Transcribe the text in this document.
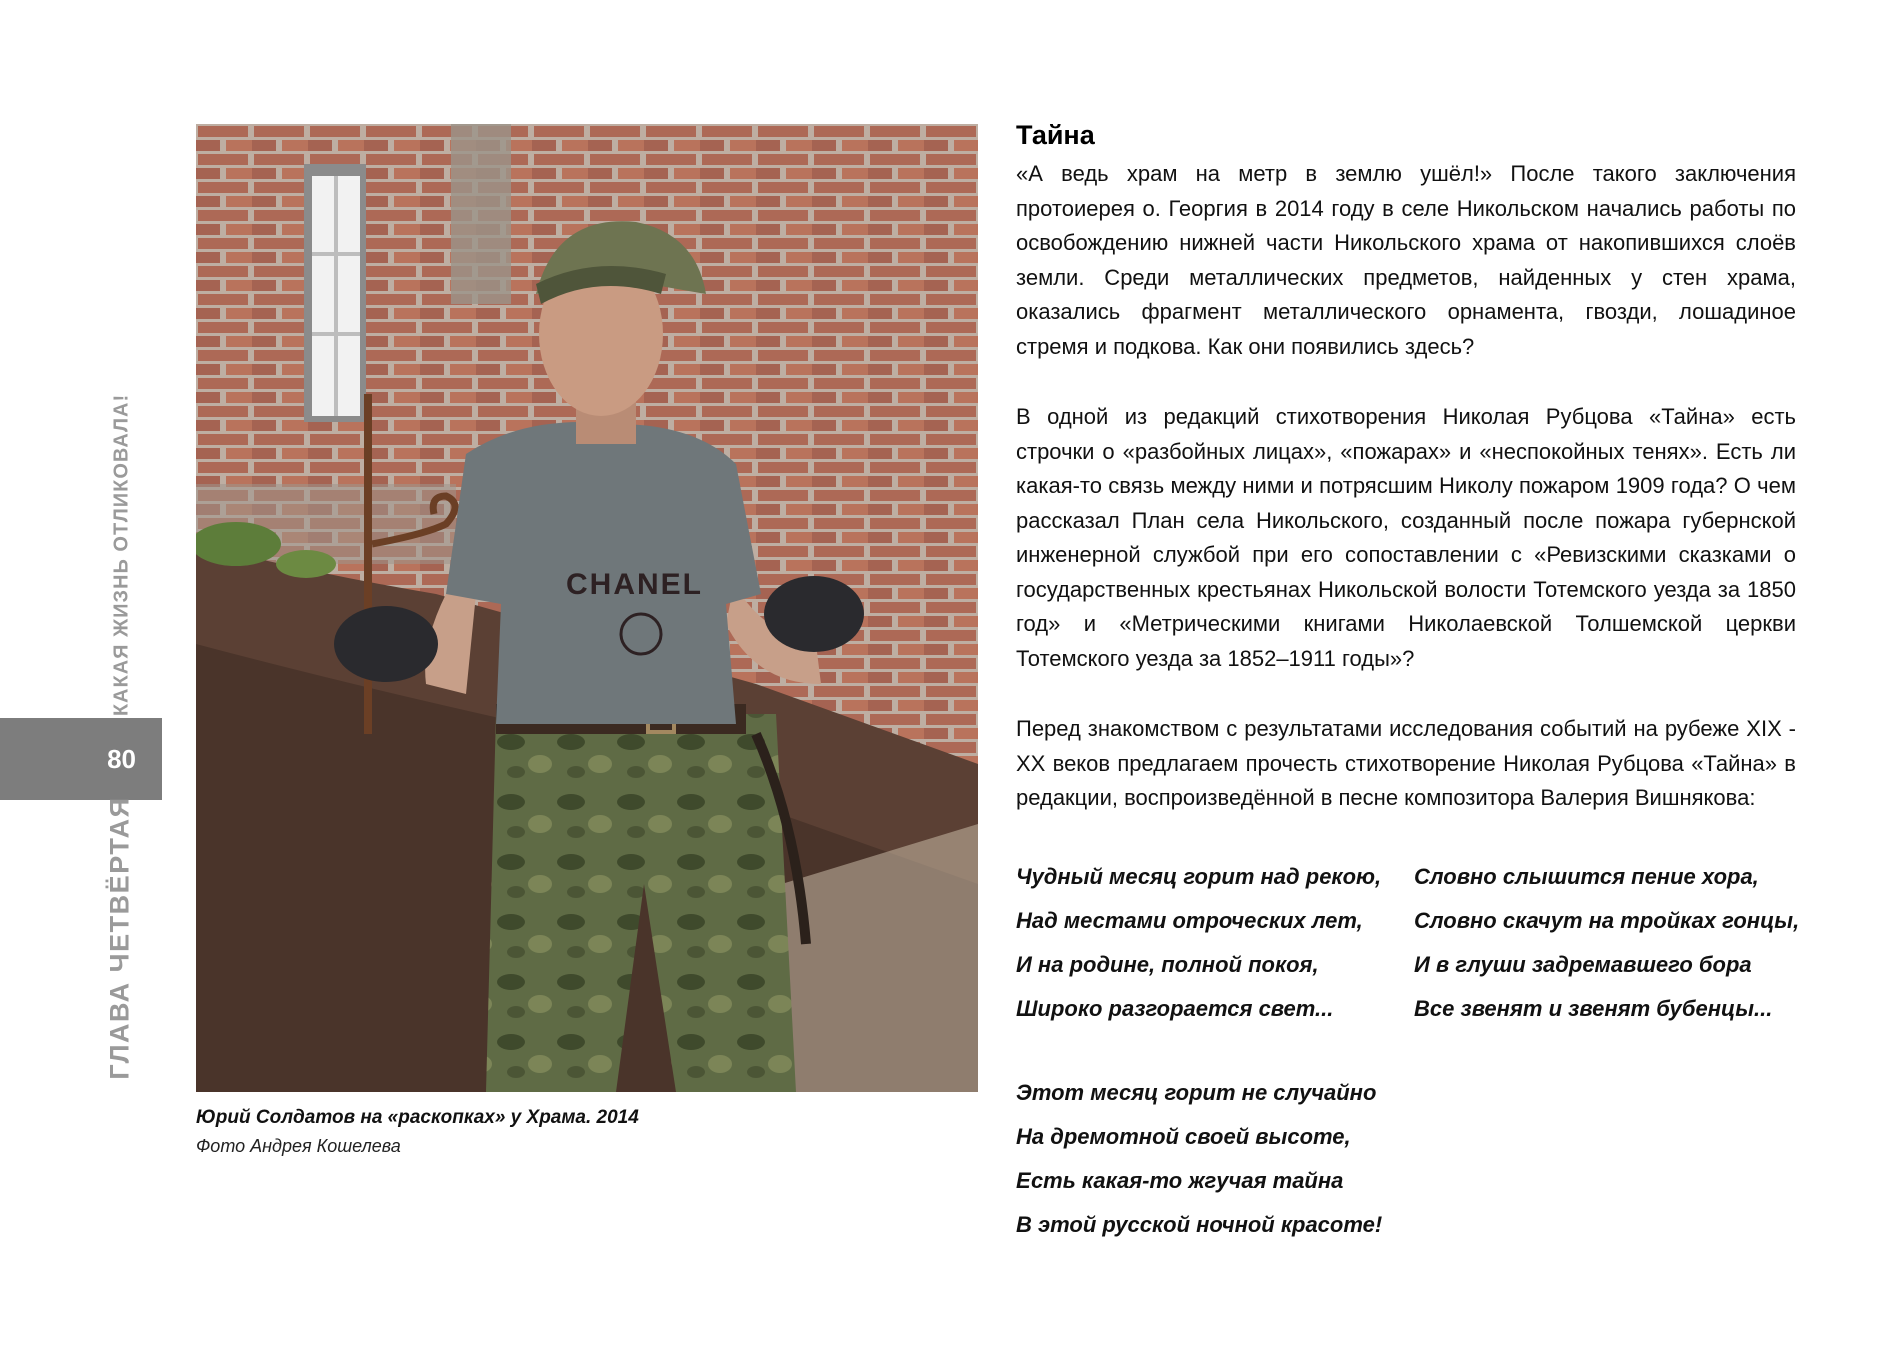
КАКАЯ ЖИЗНЬ ОТЛИКОВАЛА!
80
ГЛАВА ЧЕТВЁРТАЯ
CHANEL
Юрий Солдатов на «раскопках» у Храма. 2014
Фото Андрея Кошелева
Тайна

«А ведь храм на метр в землю ушёл!» После такого заключения протоиерея о. Георгия в 2014 году в селе Никольском начались работы по освобождению нижней части Никольского храма от накопившихся слоёв земли. Среди металлических предметов, найденных у стен храма, оказались фрагмент металлического орнамента, гвозди, лошадиное стремя и подкова. Как они появились здесь?

В одной из редакций стихотворения Николая Рубцова «Тайна» есть строчки о «разбойных лицах», «пожарах» и «неспокойных тенях». Есть ли какая-то связь между ними и потрясшим Николу пожаром 1909 года? О чем рассказал План села Никольского, созданный после пожара губернской инженерной службой при его сопоставлении с «Ревизскими сказками о государственных крестьянах Никольской волости Тотемского уезда за 1850 год» и «Метрическими книгами Николаевской Толшемской церкви Тотемского уезда за 1852–1911 годы»?

Перед знакомством с результатами исследования событий на рубеже XIX - XX веков предлагаем прочесть стихотворение Николая Рубцова «Тайна» в редакции, воспроизведённой в песне композитора Валерия Вишнякова:

Чудный месяц горит над рекою,
Над местами отроческих лет,
И на родине, полной покоя,
Широко разгорается свет...
Словно слышится пение хора,
Словно скачут на тройках гонцы,
И в глуши задремавшего бора
Все звенят и звенят бубенцы...
Этот месяц горит не случайно
На дремотной своей высоте,
Есть какая-то жгучая тайна
В этой русской ночной красоте!
